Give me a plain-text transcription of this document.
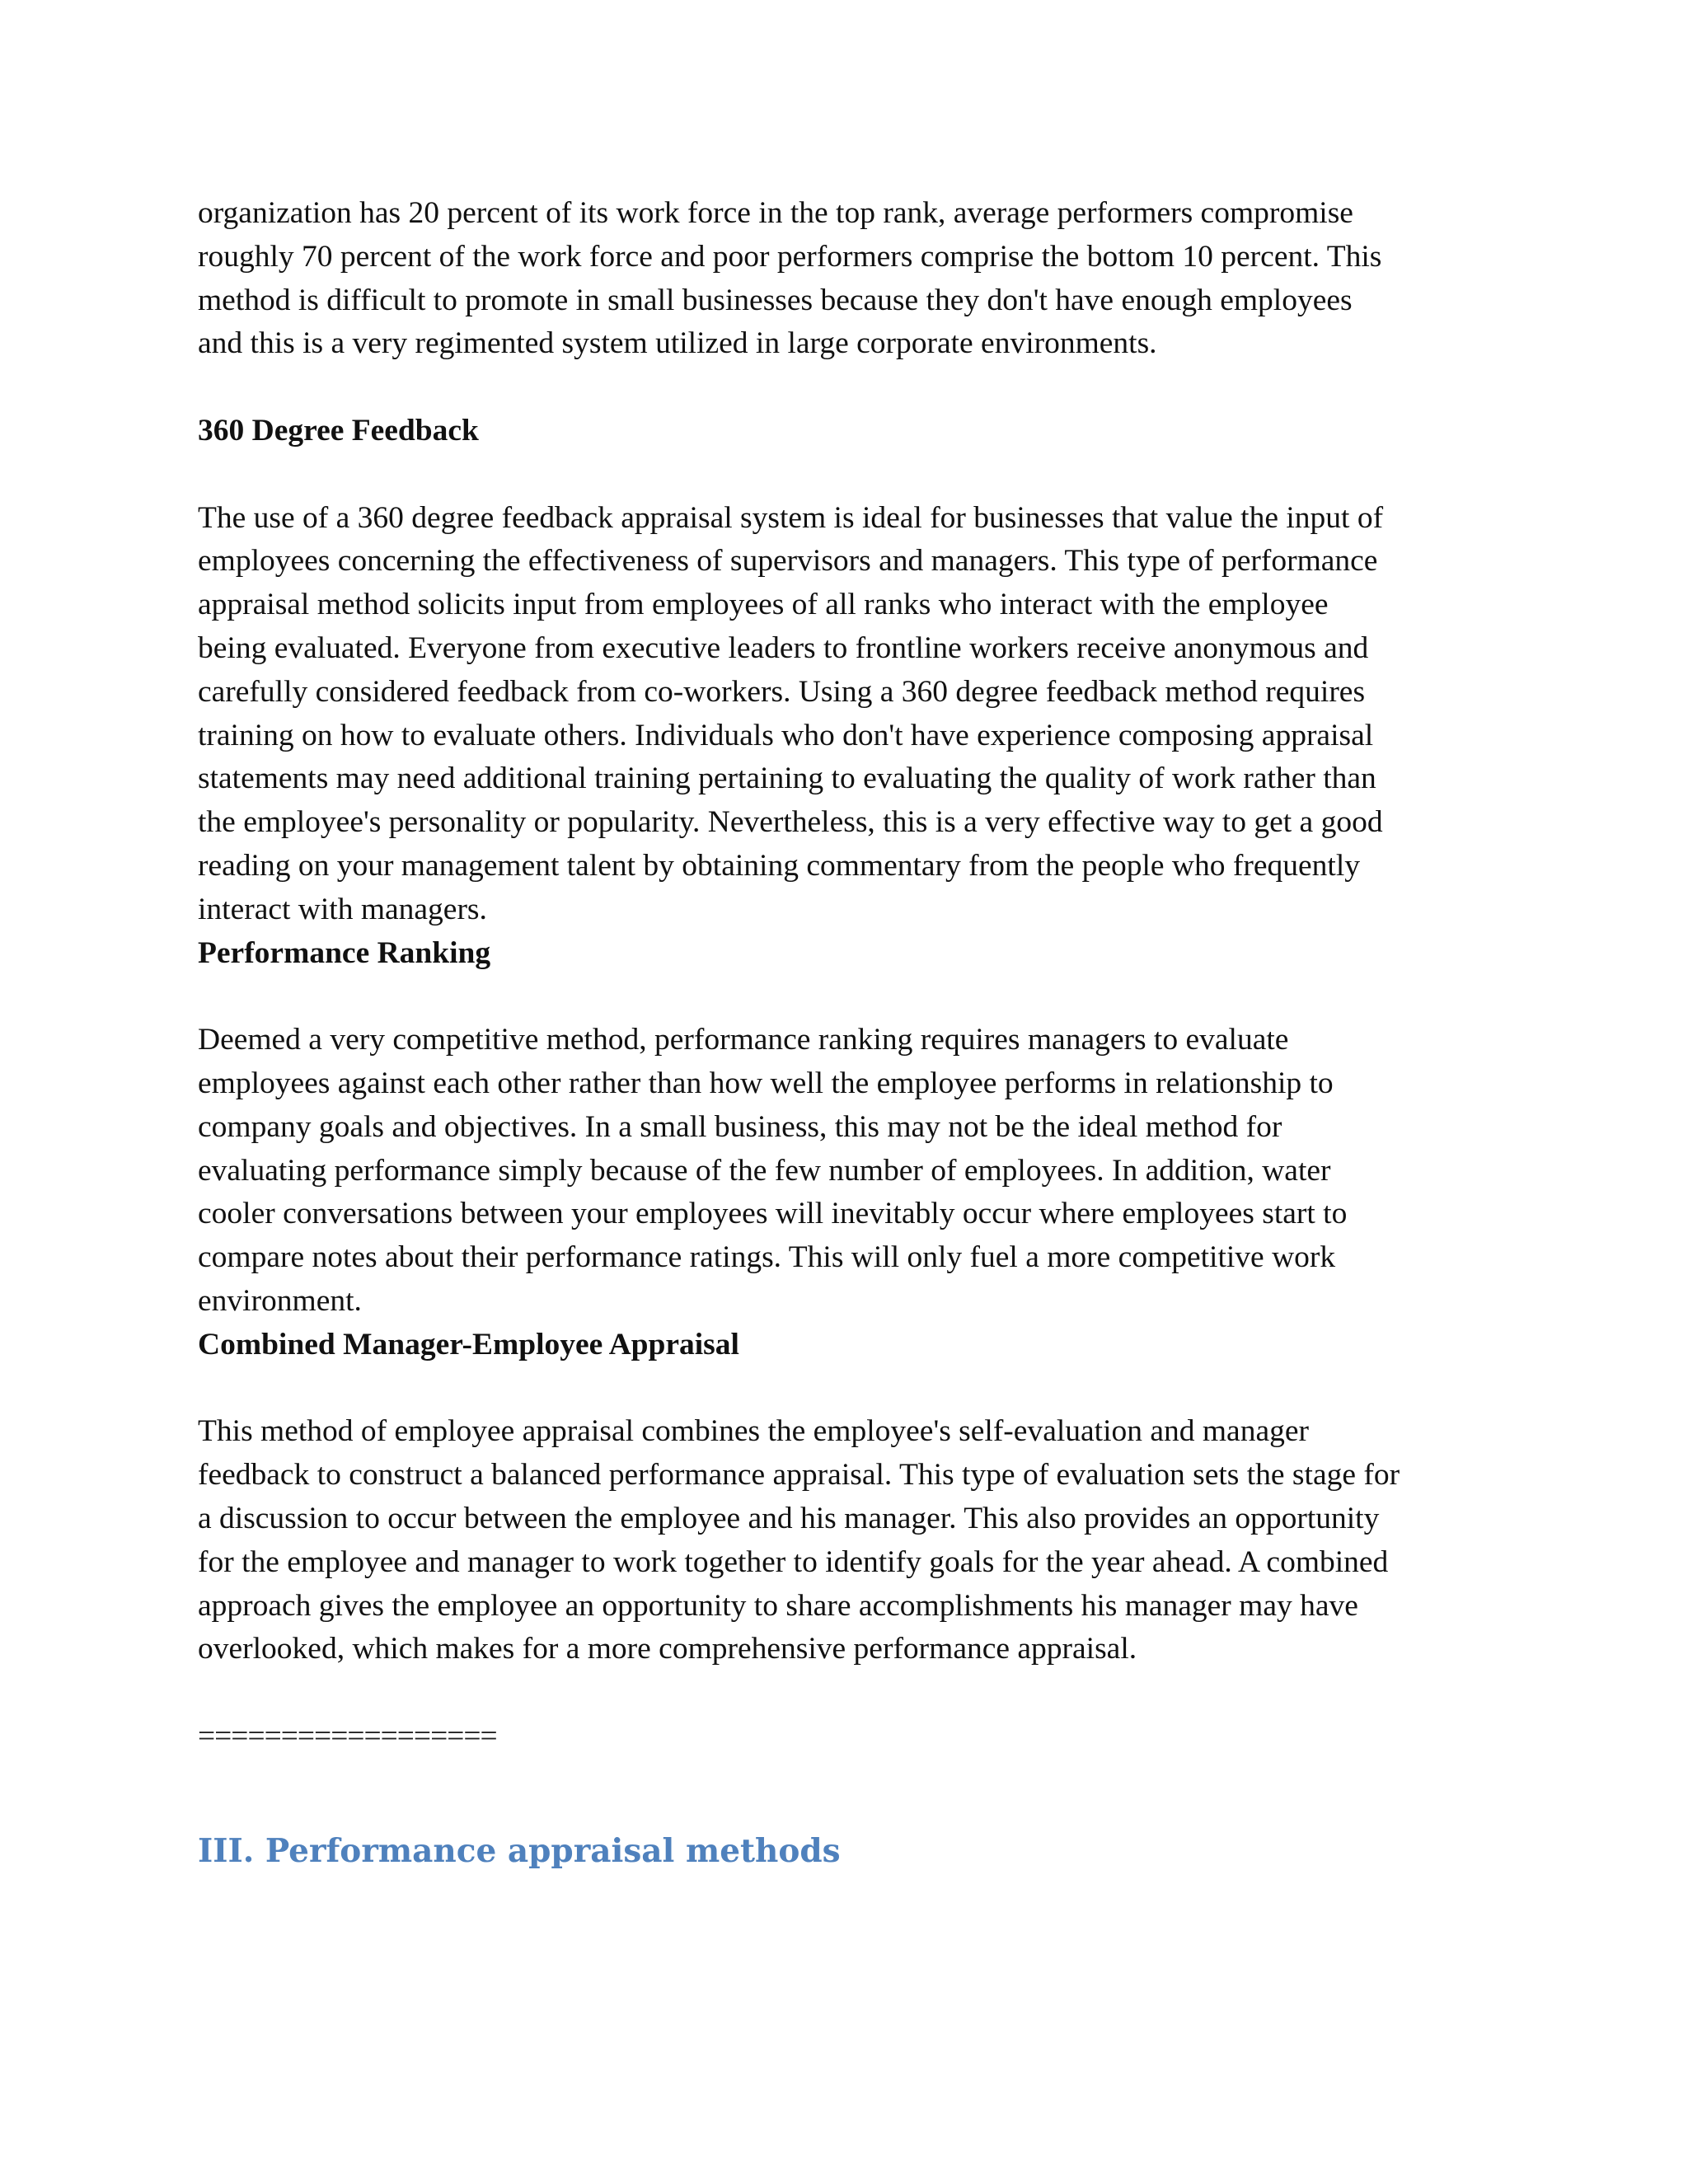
organization has 20 percent of its work force in the top rank, average performers compromise
roughly 70 percent of the work force and poor performers comprise the bottom 10 percent. This
method is difficult to promote in small businesses because they don't have enough employees
and this is a very regimented system utilized in large corporate environments.
360 Degree Feedback
The use of a 360 degree feedback appraisal system is ideal for businesses that value the input of
employees concerning the effectiveness of supervisors and managers. This type of performance
appraisal method solicits input from employees of all ranks who interact with the employee
being evaluated. Everyone from executive leaders to frontline workers receive anonymous and
carefully considered feedback from co-workers. Using a 360 degree feedback method requires
training on how to evaluate others. Individuals who don't have experience composing appraisal
statements may need additional training pertaining to evaluating the quality of work rather than
the employee's personality or popularity. Nevertheless, this is a very effective way to get a good
reading on your management talent by obtaining commentary from the people who frequently
interact with managers.
Performance Ranking
Deemed a very competitive method, performance ranking requires managers to evaluate
employees against each other rather than how well the employee performs in relationship to
company goals and objectives. In a small business, this may not be the ideal method for
evaluating performance simply because of the few number of employees. In addition, water
cooler conversations between your employees will inevitably occur where employees start to
compare notes about their performance ratings. This will only fuel a more competitive work
environment.
Combined Manager-Employee Appraisal
This method of employee appraisal combines the employee's self-evaluation and manager
feedback to construct a balanced performance appraisal. This type of evaluation sets the stage for
a discussion to occur between the employee and his manager. This also provides an opportunity
for the employee and manager to work together to identify goals for the year ahead. A combined
approach gives the employee an opportunity to share accomplishments his manager may have
overlooked, which makes for a more comprehensive performance appraisal.
==================
III. Performance appraisal methods
